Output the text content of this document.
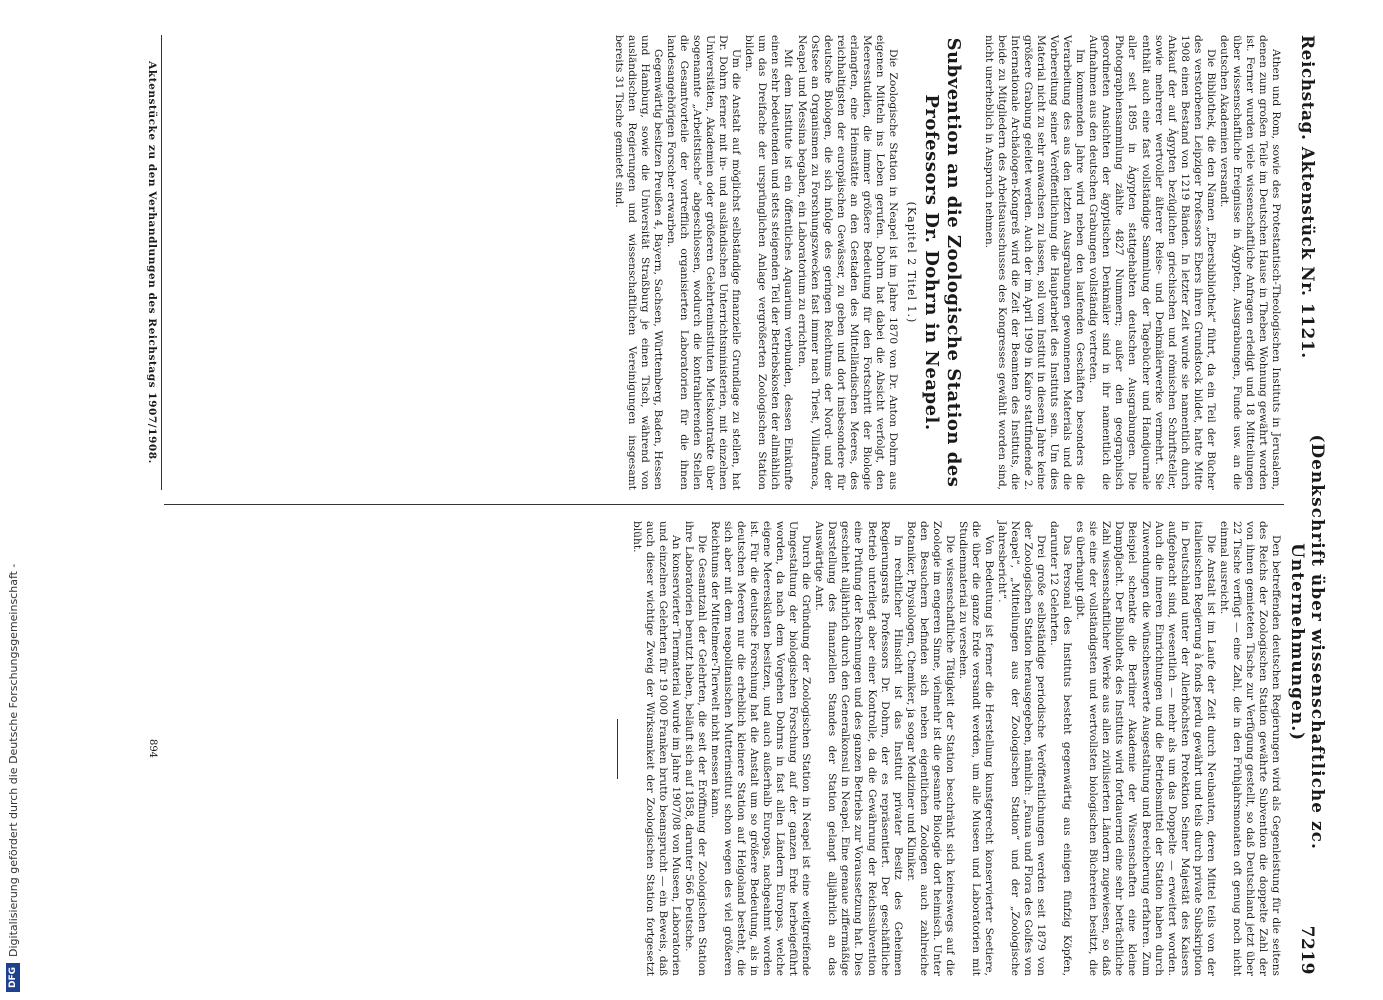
Reichstag. Aktenstück Nr. 1121.
(Denkschrift über wissenschaftliche zc. Unternehmungen.)
7219

Athen und Rom, sowie des Protestantisch-Theologischen Instituts in Jerusalem, denen zum großen Teile im Deutschen Hause in Theben Wohnung gewährt worden ist. Ferner wurden viele wissenschaftliche Anfragen erledigt und 18 Mitteilungen über wissenschaftliche Ereignisse in Ägypten, Ausgrabungen, Funde usw. an die deutschen Akademien versandt.

Die Bibliothek, die den Namen „Ebersbibliothek“ führt, da ein Teil der Bücher des verstorbenen Leipziger Professors Ebers ihren Grundstock bildet, hatte Mitte 1908 einen Bestand von 1219 Bänden. In letzter Zeit wurde sie namentlich durch Ankauf der auf Ägypten bezüglichen griechischen und römischen Schriftsteller, sowie mehrerer wertvoller älterer Reise- und Denkmälerwerke vermehrt. Sie enthält auch eine fast vollständige Sammlung der Tagebücher und Handjournale aller seit 1895 in Ägypten stattgehabten deutschen Ausgrabungen. Die Photographiensammlung zählte 4827 Nummern; außer den geographisch geordneten Ansichten der ägyptischen Denkmäler sind in ihr namentlich die Aufnahmen aus den deutschen Grabungen vollständig vertreten.

Im kommenden Jahre wird neben den laufenden Geschäften besonders die Verarbeitung des aus den letzten Ausgrabungen gewonnenen Materials und die Vorbereitung seiner Veröffentlichung die Hauptarbeit des Instituts sein. Um dies Material nicht zu sehr anwachsen zu lassen, soll vom Institut in diesem Jahre keine größere Grabung geleitet werden. Auch der im April 1909 in Kairo stattfindende 2. Internationale Archäologen-Kongreß wird die Zeit der Beamten des Instituts, die beide zu Mitgliedern des Arbeitsausschusses des Kongresses gewählt worden sind, nicht unerheblich in Anspruch nehmen.

Subvention an die Zoologische Station des Professors Dr. Dohrn in Neapel.
(Kapitel 2 Titel 1.)

Die Zoologische Station in Neapel ist im Jahre 1870 von Dr. Anton Dohrn aus eigenen Mitteln ins Leben gerufen. Dohrn hat dabei die Absicht verfolgt, den Meeresstudien, die immer größere Bedeutung für den Fortschritt der Biologie erlangten, eine Heimstätte an den Gestaden des Mittelländischen Meeres, des reichhaltigsten der europäischen Gewässer, zu geben und dort insbesondere für deutsche Biologen, die sich infolge des geringen Reichtums der Nord- und der Ostsee an Organismen zu Forschungszwecken fast immer nach Triest, Villafranca, Neapel und Messina begaben, ein Laboratorium zu errichten.

Mit dem Institute ist ein öffentliches Aquarium verbunden, dessen Einkünfte einen sehr bedeutenden und stets steigenden Teil der Betriebskosten der allmählich um das Dreifache der ursprünglichen Anlage vergrößerten Zoologischen Station bilden.

Um die Anstalt auf möglichst selbständige finanzielle Grundlage zu stellen, hat Dr. Dohrn ferner mit in- und ausländischen Unterrichtsministerien, mit einzelnen Universitäten, Akademien oder größeren Gelehrteninstituten Mietskontrakte über sogenannte „Arbeitstische“ abgeschlossen, wodurch die kontrahierenden Stellen die Gesamtvorteile der vortrefflich organisierten Laboratorien für die ihnen landesangehörigen Forscher erwarben.

Gegenwärtig besitzen Preußen 4, Bayern, Sachsen, Württemberg, Baden, Hessen und Hamburg, sowie die Universität Straßburg je einen Tisch, während von ausländischen Regierungen und wissenschaftlichen Vereinigungen insgesamt bereits 31 Tische gemietet sind.

Aktenstücke zu den Verhandlungen des Reichstags 1907/1908.

Den betreffenden deutschen Regierungen wird als Gegenleistung für die seitens des Reichs der Zoologischen Station gewährte Subvention die doppelte Zahl der von ihnen gemieteten Tische zur Verfügung gestellt, so daß Deutschland jetzt über 22 Tische verfügt — eine Zahl, die in den Frühjahrsmonaten oft genug noch nicht einmal ausreicht.

Die Anstalt ist im Laufe der Zeit durch Neubauten, deren Mittel teils von der italienischen Regierung à fonds perdu gewährt und teils durch private Subskription in Deutschland unter der Allerhöchsten Protektion Seiner Majestät des Kaisers aufgebracht sind, wesentlich — mehr als um das Doppelte — erweitert worden. Auch die inneren Einrichtungen und die Betriebsmittel der Station haben durch Zuwendungen die wünschenswerte Ausgestaltung und Bereicherung erfahren. Zum Beispiel schenkte die Berliner Akademie der Wissenschaften eine kleine Dampfjacht. Der Bibliothek des Instituts wird fortdauernd eine sehr beträchtliche Zahl wissenschaftlicher Werke aus allen zivilisierten Ländern zugewiesen, so daß sie eine der vollständigsten und wertvollsten biologischen Büchereien besitzt, die es überhaupt gibt.

Das Personal des Instituts besteht gegenwärtig aus einigen fünfzig Köpfen, darunter 12 Gelehrten.

Drei große selbständige periodische Veröffentlichungen werden seit 1879 von der Zoologischen Station herausgegeben, nämlich: „Fauna und Flora des Golfes von Neapel“, „Mitteilungen aus der Zoologischen Station“ und der „Zoologische Jahresbericht“.

Von Bedeutung ist ferner die Herstellung kunstgerecht konservierter Seetiere, die über die ganze Erde versandt werden, um alle Museen und Laboratorien mit Studienmaterial zu versehen.

Die wissenschaftliche Tätigkeit der Station beschränkt sich keineswegs auf die Zoologie im engeren Sinne, vielmehr ist die gesamte Biologie dort heimisch. Unter den Besuchern befinden sich neben eigentlichen Zoologen auch zahlreiche Botaniker, Physiologen, Chemiker, ja sogar Mediziner und Kliniker.

In rechtlicher Hinsicht ist das Institut privater Besitz des Geheimen Regierungsrats Professors Dr. Dohrn, der es repräsentiert. Der geschäftliche Betrieb unterliegt aber einer Kontrolle, da die Gewährung der Reichssubvention eine Prüfung der Rechnungen und des ganzen Betriebs zur Voraussetzung hat. Dies geschieht alljährlich durch den Generalkonsul in Neapel. Eine genaue ziffermäßige Darstellung des finanziellen Standes der Station gelangt alljährlich an das Auswärtige Amt.

Durch die Gründung der Zoologischen Station in Neapel ist eine weitgreifende Umgestaltung der biologischen Forschung auf der ganzen Erde herbeigeführt worden, da nach dem Vorgehen Dohrns in fast allen Ländern Europas, welche eigene Meeresküsten besitzen, und auch außerhalb Europas, nachgeahmt worden ist. Für die deutsche Forschung hat die Anstalt um so größere Bedeutung, als in deutschen Meeren nur die erheblich kleinere Station auf Helgoland besteht, die sich aber mit dem neapolitanischen Mutterinstitut schon wegen des viel größeren Reichtums der Mittelmeer-Tierwelt nicht messen kann.

Die Gesamtzahl der Gelehrten, die seit der Eröffnung der Zoologischen Station ihre Laboratorien benutzt haben, beläuft sich auf 1858, darunter 566 Deutsche.

An konservierter Tiermaterial wurde im Jahre 1907/08 von Museen, Laboratorien und einzelnen Gelehrten für 19 000 Franken brutto beansprucht — ein Beweis, daß auch dieser wichtige Zweig der Wirksamkeit der Zoologischen Station fortgesetzt blüht.

894
DFG
Digitalisierung gefördert durch die Deutsche Forschungsgemeinschaft -
